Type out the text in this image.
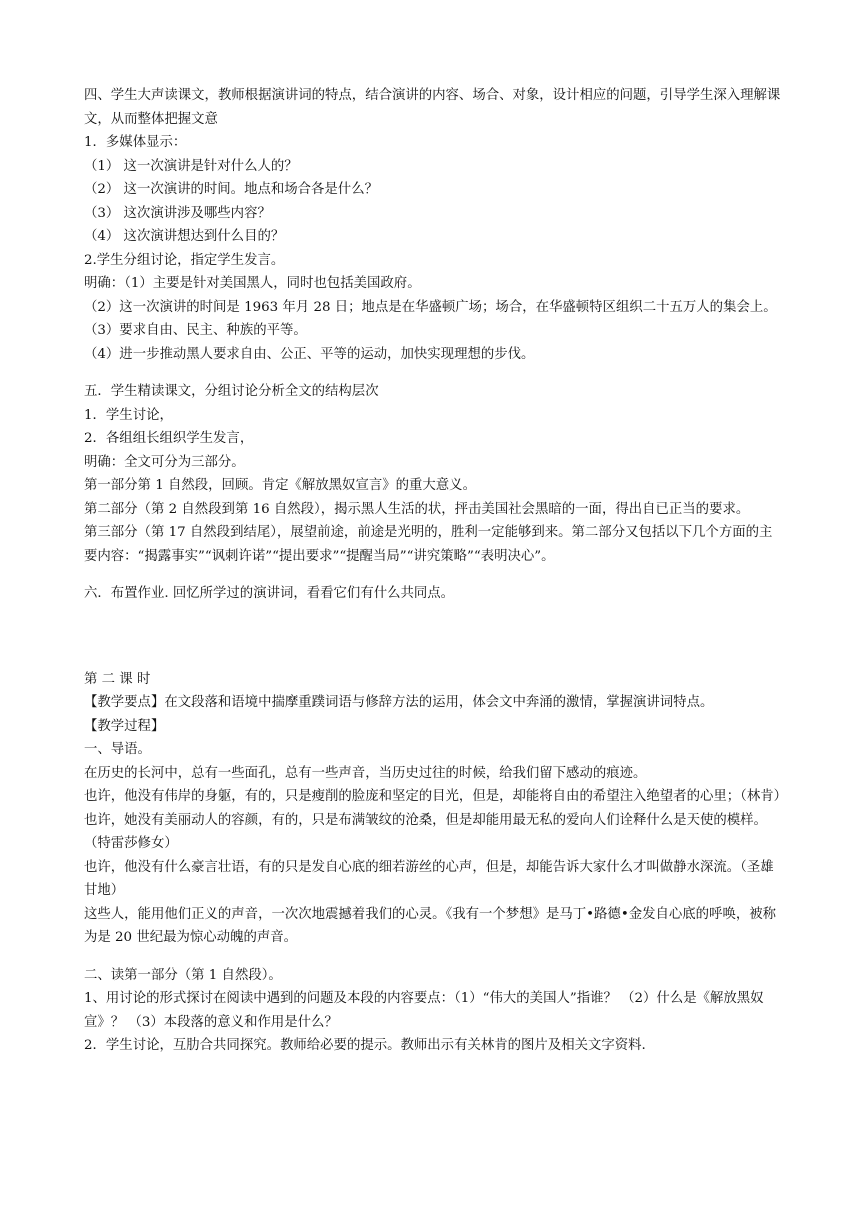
四、学生大声读课文，教师根据演讲词的特点，结合演讲的内容、场合、对象，设计相应的问题，引导学生深入理解课文，从而整体把握文意

1．多媒体显示：

（1） 这一次演讲是针对什么人的？

（2） 这一次演讲的时间。地点和场合各是什么？

（3） 这次演讲涉及哪些内容？

（4） 这次演讲想达到什么目的？

2.学生分组讨论，指定学生发言。

明确：（1）主要是针对美国黑人，同时也包括美国政府。

（2）这一次演讲的时间是 1963 年月 28 日；地点是在华盛顿广场；场合，在华盛顿特区组织二十五万人的集会上。

（3）要求自由、民主、种族的平等。

（4）进一步推动黑人要求自由、公正、平等的运动，加快实现理想的步伐。

五．学生精读课文，分组讨论分析全文的结构层次

1．学生讨论，

2．各组组长组织学生发言，

明确：全文可分为三部分。

第一部分第 1 自然段，回顾。肯定《解放黑奴宣言》的重大意义。

第二部分（第 2 自然段到第 16 自然段），揭示黑人生活的状，抨击美国社会黑暗的一面，得出自已正当的要求。

第三部分（第 17 自然段到结尾），展望前途，前途是光明的，胜利一定能够到来。第二部分又包括以下几个方面的主要内容：“揭露事实”“讽刺许诺”“提出要求”“提醒当局”“讲究策略”“表明决心”。

六．布置作业. 回忆所学过的演讲词，看看它们有什么共同点。

第 二 课 时

【教学要点】在文段落和语境中揣摩重蹼词语与修辞方法的运用，体会文中奔涌的激情，掌握演讲词特点。

【教学过程】

一、导语。

在历史的长河中，总有一些面孔，总有一些声音，当历史过往的时候，给我们留下感动的痕迹。

也许，他没有伟岸的身躯，有的，只是瘦削的脸庞和坚定的目光，但是，却能将自由的希望注入绝望者的心里；（林肯）

也许，她没有美丽动人的容颜，有的，只是布满皱纹的沧桑，但是却能用最无私的爱向人们诠释什么是天使的模样。（特雷莎修女）

也许，他没有什么豪言壮语，有的只是发自心底的细若游丝的心声，但是，却能告诉大家什么才叫做静水深流。（圣雄甘地）

这些人，能用他们正义的声音，一次次地震撼着我们的心灵。《我有一个梦想》是马丁•路德•金发自心底的呼唤，被称为是 20 世纪最为惊心动魄的声音。

二、读第一部分（第 1 自然段）。

1、用讨论的形式探讨在阅读中遇到的问题及本段的内容要点：（1）“伟大的美国人”指谁？ （2）什么是《解放黑奴宣》？ （3）本段落的意义和作用是什么？

2．学生讨论，互肋合共同探究。教师给必要的提示。教师出示有关林肯的图片及相关文字资料.
